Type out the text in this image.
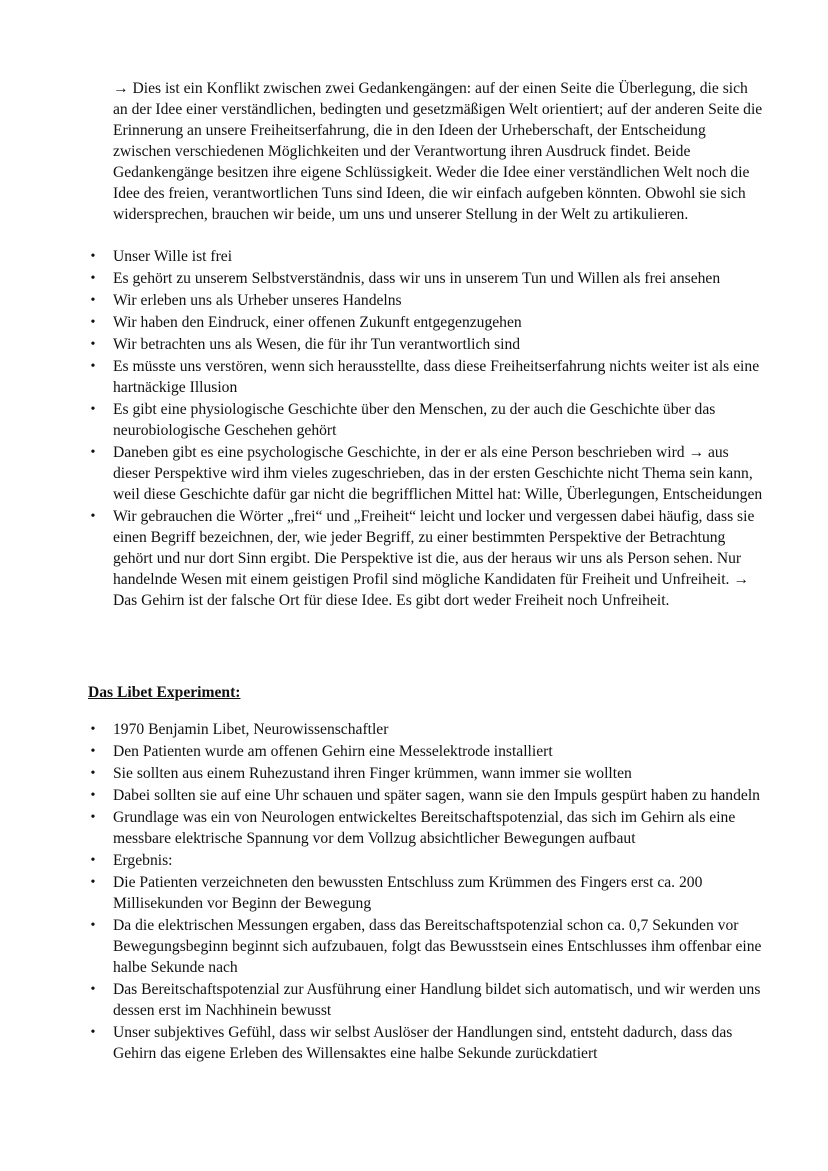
→ Dies ist ein Konflikt zwischen zwei Gedankengängen: auf der einen Seite die Überlegung, die sich an der Idee einer verständlichen, bedingten und gesetzmäßigen Welt orientiert; auf der anderen Seite die Erinnerung an unsere Freiheitserfahrung, die in den Ideen der Urheberschaft, der Entscheidung zwischen verschiedenen Möglichkeiten und der Verantwortung ihren Ausdruck findet. Beide Gedankengänge besitzen ihre eigene Schlüssigkeit. Weder die Idee einer verständlichen Welt noch die Idee des freien, verantwortlichen Tuns sind Ideen, die wir einfach aufgeben könnten. Obwohl sie sich widersprechen, brauchen wir beide, um uns und unserer Stellung in der Welt zu artikulieren.

• Unser Wille ist frei
• Es gehört zu unserem Selbstverständnis, dass wir uns in unserem Tun und Willen als frei ansehen
• Wir erleben uns als Urheber unseres Handelns
• Wir haben den Eindruck, einer offenen Zukunft entgegenzugehen
• Wir betrachten uns als Wesen, die für ihr Tun verantwortlich sind
• Es müsste uns verstören, wenn sich herausstellte, dass diese Freiheitserfahrung nichts weiter ist als eine hartnäckige Illusion
• Es gibt eine physiologische Geschichte über den Menschen, zu der auch die Geschichte über das neurobiologische Geschehen gehört
• Daneben gibt es eine psychologische Geschichte, in der er als eine Person beschrieben wird → aus dieser Perspektive wird ihm vieles zugeschrieben, das in der ersten Geschichte nicht Thema sein kann, weil diese Geschichte dafür gar nicht die begrifflichen Mittel hat: Wille, Überlegungen, Entscheidungen
• Wir gebrauchen die Wörter „frei“ und „Freiheit“ leicht und locker und vergessen dabei häufig, dass sie einen Begriff bezeichnen, der, wie jeder Begriff, zu einer bestimmten Perspektive der Betrachtung gehört und nur dort Sinn ergibt. Die Perspektive ist die, aus der heraus wir uns als Person sehen. Nur handelnde Wesen mit einem geistigen Profil sind mögliche Kandidaten für Freiheit und Unfreiheit. → Das Gehirn ist der falsche Ort für diese Idee. Es gibt dort weder Freiheit noch Unfreiheit.

Das Libet Experiment:

• 1970 Benjamin Libet, Neurowissenschaftler
• Den Patienten wurde am offenen Gehirn eine Messelektrode installiert
• Sie sollten aus einem Ruhezustand ihren Finger krümmen, wann immer sie wollten
• Dabei sollten sie auf eine Uhr schauen und später sagen, wann sie den Impuls gespürt haben zu handeln
• Grundlage was ein von Neurologen entwickeltes Bereitschaftspotenzial, das sich im Gehirn als eine messbare elektrische Spannung vor dem Vollzug absichtlicher Bewegungen aufbaut
• Ergebnis:
• Die Patienten verzeichneten den bewussten Entschluss zum Krümmen des Fingers erst ca. 200 Millisekunden vor Beginn der Bewegung
• Da die elektrischen Messungen ergaben, dass das Bereitschaftspotenzial schon ca. 0,7 Sekunden vor Bewegungsbeginn beginnt sich aufzubauen, folgt das Bewusstsein eines Entschlusses ihm offenbar eine halbe Sekunde nach
• Das Bereitschaftspotenzial zur Ausführung einer Handlung bildet sich automatisch, und wir werden uns dessen erst im Nachhinein bewusst
• Unser subjektives Gefühl, dass wir selbst Auslöser der Handlungen sind, entsteht dadurch, dass das Gehirn das eigene Erleben des Willensaktes eine halbe Sekunde zurückdatiert
